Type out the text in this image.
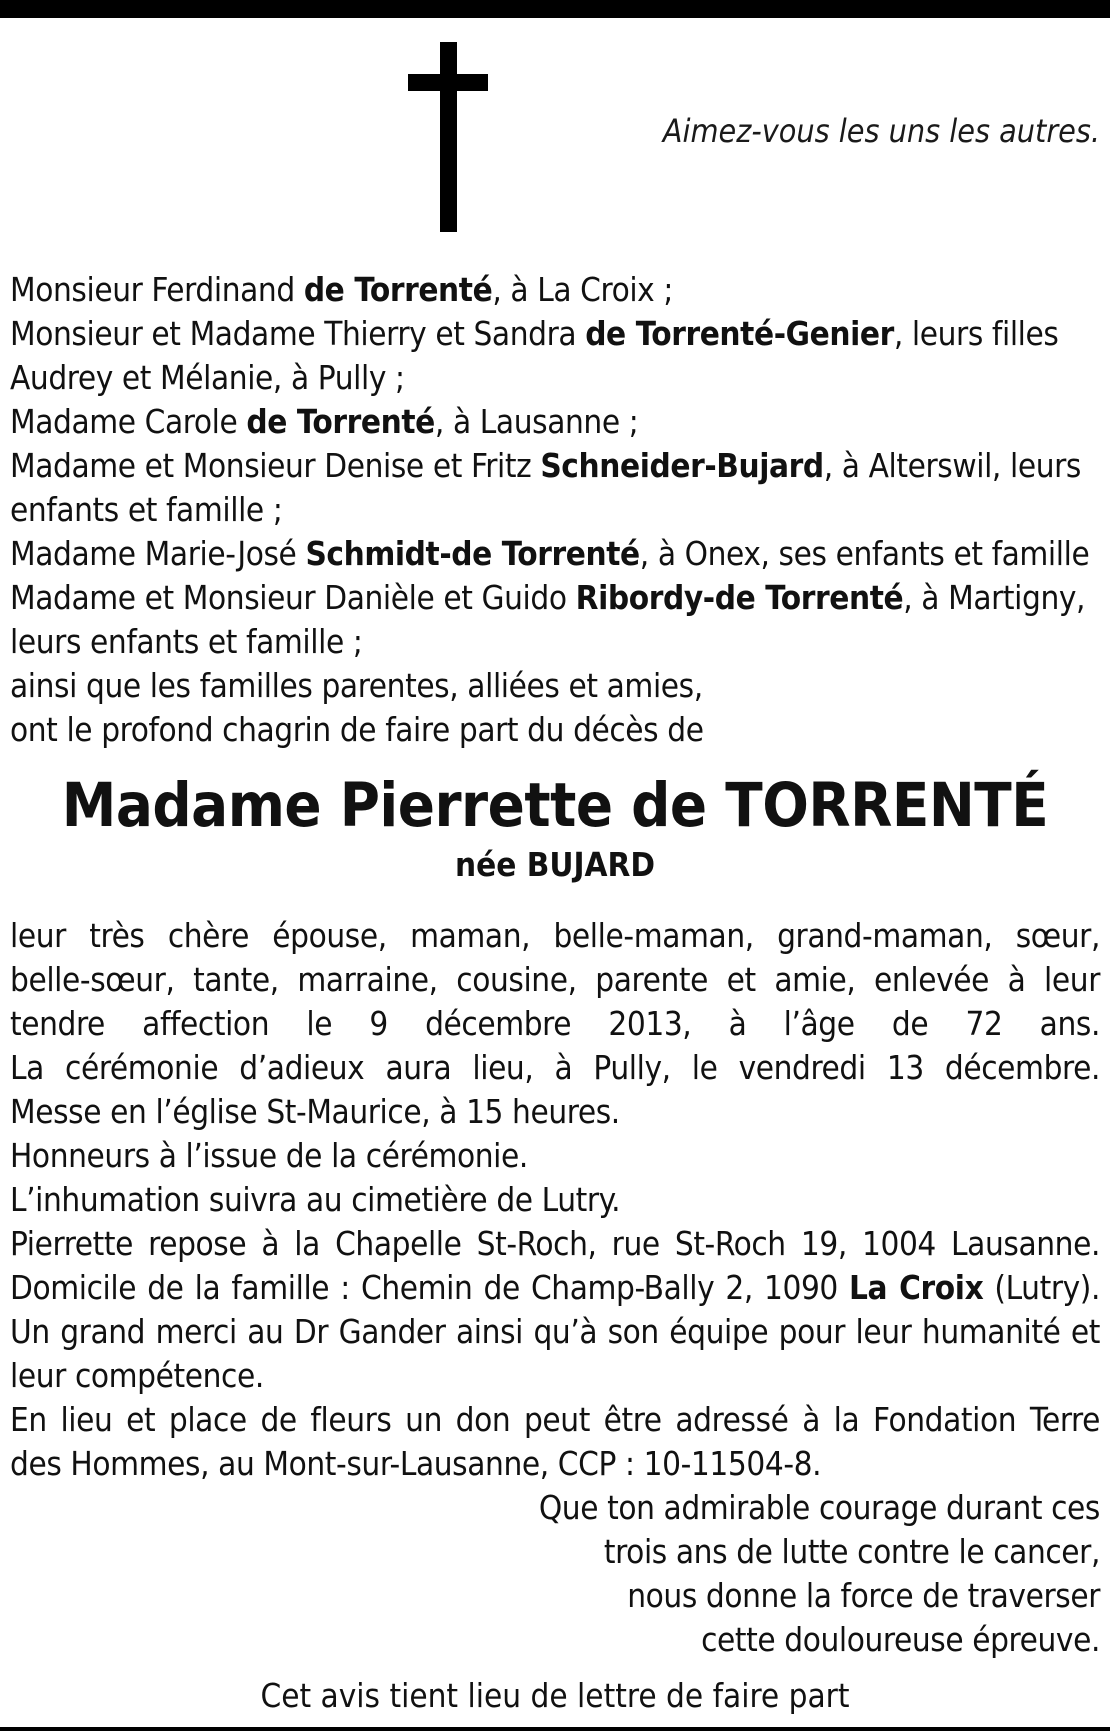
Aimez-vous les uns les autres.
Monsieur Ferdinand de Torrenté, à La Croix ;
Monsieur et Madame Thierry et Sandra de Torrenté-Genier, leurs filles
Audrey et Mélanie, à Pully ;
Madame Carole de Torrenté, à Lausanne ;
Madame et Monsieur Denise et Fritz Schneider-Bujard, à Alterswil, leurs
enfants et famille ;
Madame Marie-José Schmidt-de Torrenté, à Onex, ses enfants et famille
Madame et Monsieur Danièle et Guido Ribordy-de Torrenté, à Martigny,
leurs enfants et famille ;
ainsi que les familles parentes, alliées et amies,
ont le profond chagrin de faire part du décès de
Madame Pierrette de TORRENTÉ
née BUJARD
leur très chère épouse, maman, belle-maman, grand-maman, sœur,
belle-sœur, tante, marraine, cousine, parente et amie, enlevée à leur
tendre affection le 9 décembre 2013, à l’âge de 72 ans.
La cérémonie d’adieux aura lieu, à Pully, le vendredi 13 décembre.
Messe en l’église St-Maurice, à 15 heures.
Honneurs à l’issue de la cérémonie.
L’inhumation suivra au cimetière de Lutry.
Pierrette repose à la Chapelle St-Roch, rue St-Roch 19, 1004 Lausanne.
Domicile de la famille : Chemin de Champ-Bally 2, 1090 La Croix (Lutry).
Un grand merci au Dr Gander ainsi qu’à son équipe pour leur humanité et
leur compétence.
En lieu et place de fleurs un don peut être adressé à la Fondation Terre
des Hommes, au Mont-sur-Lausanne, CCP : 10-11504-8.
Que ton admirable courage durant ces
trois ans de lutte contre le cancer,
nous donne la force de traverser
cette douloureuse épreuve.
Cet avis tient lieu de lettre de faire part
